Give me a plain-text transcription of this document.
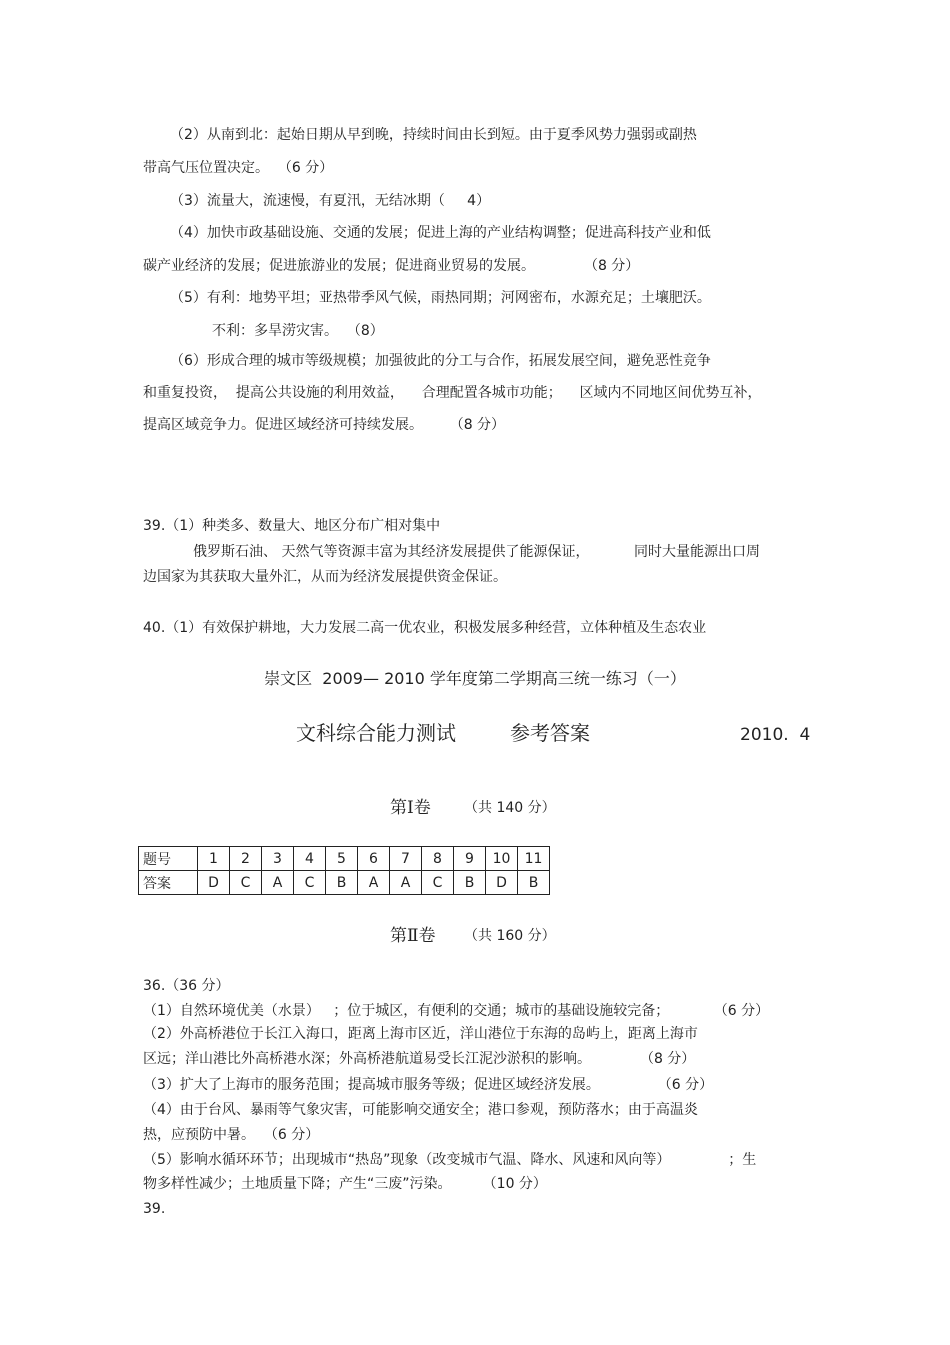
（2）从南到北：起始日期从早到晚，持续时间由长到短。由于夏季风势力强弱或副热
带高气压位置决定。  （6 分）
（3）流量大，流速慢，有夏汛，无结冰期（     4）
（4）加快市政基础设施、交通的发展；促进上海的产业结构调整；促进高科技产业和低
碳产业经济的发展；促进旅游业的发展；促进商业贸易的发展。           （8 分）
（5）有利：地势平坦；亚热带季风气候，雨热同期；河网密布，水源充足；土壤肥沃。
不利：多旱涝灾害。  （8）
（6）形成合理的城市等级规模；加强彼此的分工与合作，拓展发展空间，避免恶性竞争
和重复投资，  提高公共设施的利用效益，    合理配置各城市功能；    区域内不同地区间优势互补，
提高区域竞争力。促进区域经济可持续发展。      （8 分）
39.（1）种类多、数量大、地区分布广相对集中
俄罗斯石油、 天然气等资源丰富为其经济发展提供了能源保证，          同时大量能源出口周
边国家为其获取大量外汇，从而为经济发展提供资金保证。
40.（1）有效保护耕地，大力发展二高一优农业，积极发展多种经营，立体种植及生态农业
崇文区  2009— 2010 学年度第二学期高三统一练习（一）
文科综合能力测试	参考答案	2010.  4
第Ⅰ卷 （共 140 分）
题号	1	2	3	4	5	6	7	8	9	10	11
答案	D	C	A	C	B	A	A	C	B	D	B
第Ⅱ卷 （共 160 分）
36.（36 分）
（1）自然环境优美（水景）   ；位于城区，有便利的交通；城市的基础设施较完备；          （6 分）
（2）外高桥港位于长江入海口，距离上海市区近，洋山港位于东海的岛屿上，距离上海市
区远；洋山港比外高桥港水深；外高桥港航道易受长江泥沙淤积的影响。           （8 分）
（3）扩大了上海市的服务范围；提高城市服务等级；促进区域经济发展。             （6 分）
（4）由于台风、暴雨等气象灾害，可能影响交通安全；港口参观，预防落水；由于高温炎
热，应预防中暑。  （6 分）
（5）影响水循环环节；出现城市“热岛”现象（改变城市气温、降水、风速和风向等）             ；生
物多样性减少；土地质量下降；产生“三废”污染。       （10 分）
39.
